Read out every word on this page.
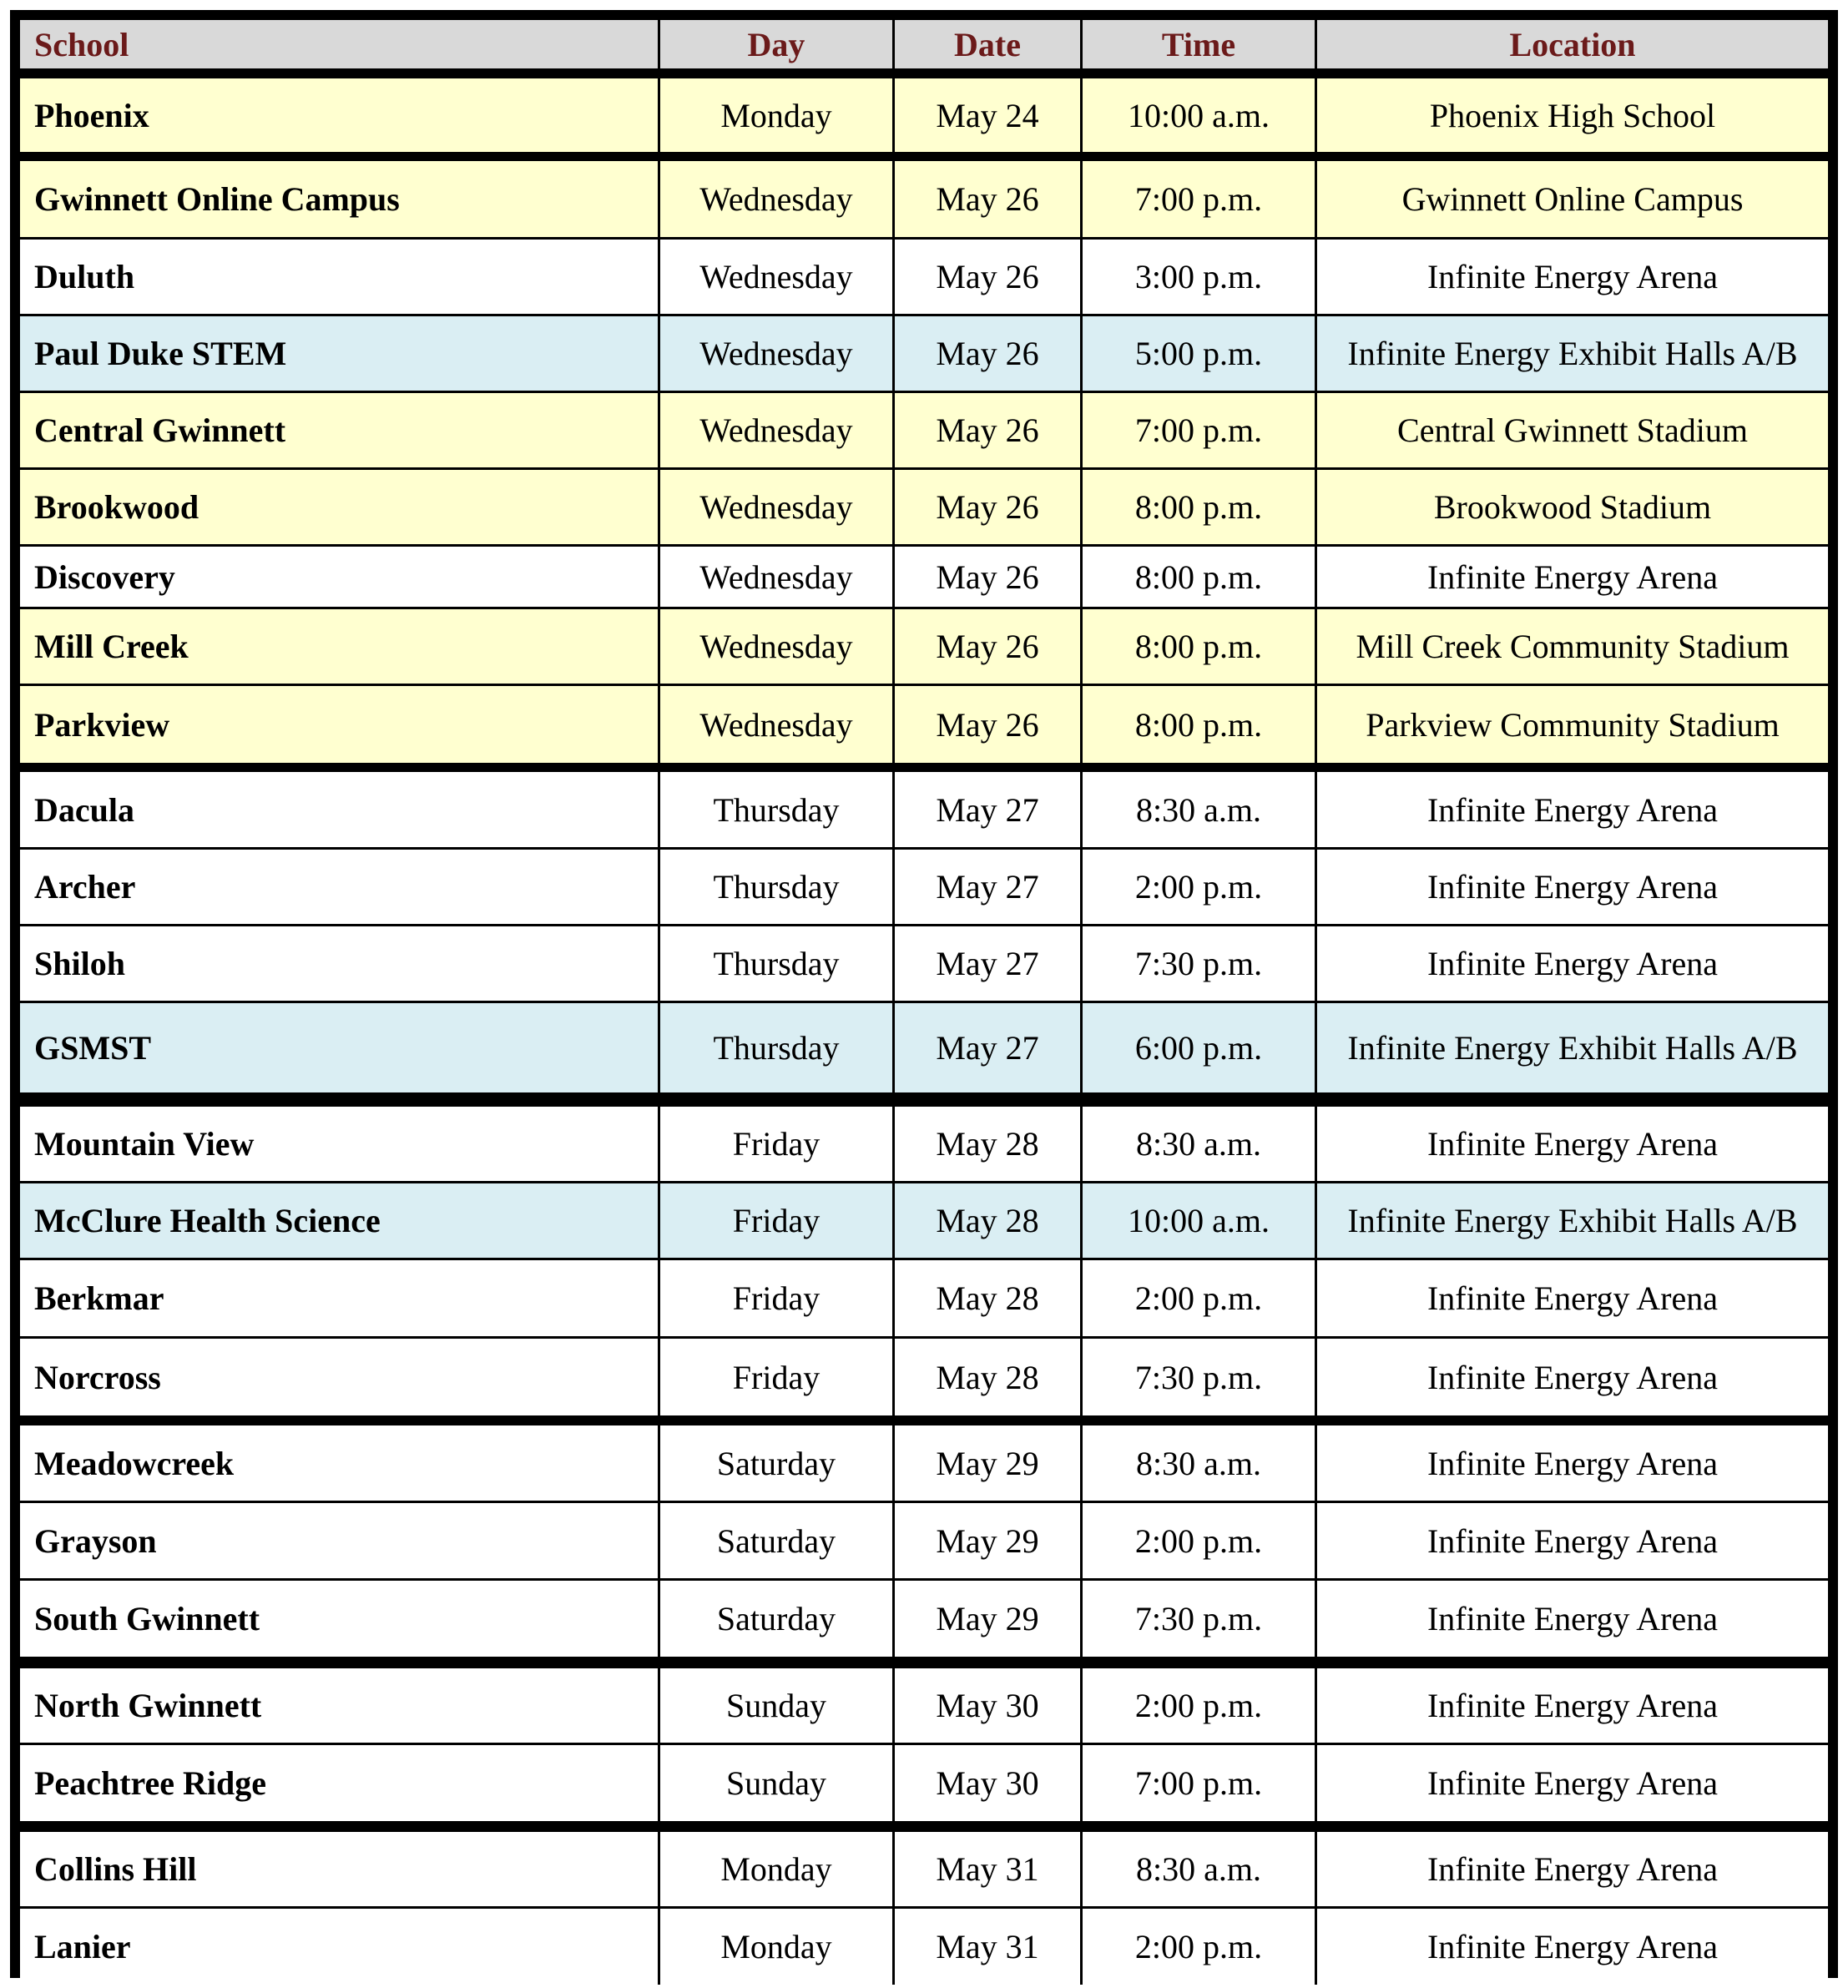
School	Day	Date	Time	Location
Phoenix	Monday	May 24	10:00 a.m.	Phoenix High School
Gwinnett Online Campus	Wednesday	May 26	7:00 p.m.	Gwinnett Online Campus
Duluth	Wednesday	May 26	3:00 p.m.	Infinite Energy Arena
Paul Duke STEM	Wednesday	May 26	5:00 p.m.	Infinite Energy Exhibit Halls A/B
Central Gwinnett	Wednesday	May 26	7:00 p.m.	Central Gwinnett Stadium
Brookwood	Wednesday	May 26	8:00 p.m.	Brookwood Stadium
Discovery	Wednesday	May 26	8:00 p.m.	Infinite Energy Arena
Mill Creek	Wednesday	May 26	8:00 p.m.	Mill Creek Community Stadium
Parkview	Wednesday	May 26	8:00 p.m.	Parkview Community Stadium
Dacula	Thursday	May 27	8:30 a.m.	Infinite Energy Arena
Archer	Thursday	May 27	2:00 p.m.	Infinite Energy Arena
Shiloh	Thursday	May 27	7:30 p.m.	Infinite Energy Arena
GSMST	Thursday	May 27	6:00 p.m.	Infinite Energy Exhibit Halls A/B
Mountain View	Friday	May 28	8:30 a.m.	Infinite Energy Arena
McClure Health Science	Friday	May 28	10:00 a.m.	Infinite Energy Exhibit Halls A/B
Berkmar	Friday	May 28	2:00 p.m.	Infinite Energy Arena
Norcross	Friday	May 28	7:30 p.m.	Infinite Energy Arena
Meadowcreek	Saturday	May 29	8:30 a.m.	Infinite Energy Arena
Grayson	Saturday	May 29	2:00 p.m.	Infinite Energy Arena
South Gwinnett	Saturday	May 29	7:30 p.m.	Infinite Energy Arena
North Gwinnett	Sunday	May 30	2:00 p.m.	Infinite Energy Arena
Peachtree Ridge	Sunday	May 30	7:00 p.m.	Infinite Energy Arena
Collins Hill	Monday	May 31	8:30 a.m.	Infinite Energy Arena
Lanier	Monday	May 31	2:00 p.m.	Infinite Energy Arena
